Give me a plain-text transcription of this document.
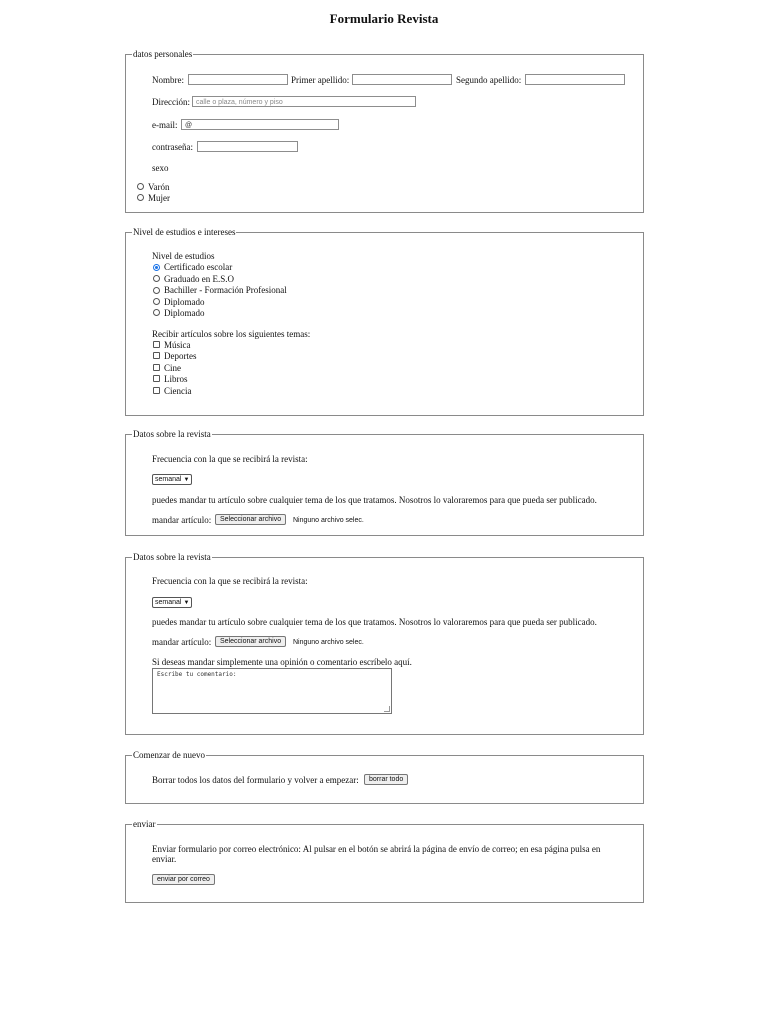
Formulario Revista
datos personales
Nombre:	Primer apellido:	Segundo apellido:
Dirección: calle o plaza, número y piso
e-mail:	@
contraseña:
sexo
Varón
Mujer
Nivel de estudios e intereses
Nivel de estudios
Certificado escolar
Graduado en E.S.O
Bachiller - Formación Profesional
Diplomado
Diplomado
Recibir artículos sobre los siguientes temas:
Música
Deportes
Cine
Libros
Ciencia
Datos sobre la revista
Frecuencia con la que se recibirá la revista:
semanal ▼
puedes mandar tu artículo sobre cualquier tema de los que tratamos. Nosotros lo valoraremos para que pueda ser publicado.
mandar artículo:	Seleccionar archivo	Ninguno archivo selec.
Datos sobre la revista
Frecuencia con la que se recibirá la revista:
semanal ▼
puedes mandar tu artículo sobre cualquier tema de los que tratamos. Nosotros lo valoraremos para que pueda ser publicado.
mandar artículo:	Seleccionar archivo	Ninguno archivo selec.
Si deseas mandar simplemente una opinión o comentario escríbelo aquí.
Escribe tu comentario:
Comenzar de nuevo
Borrar todos los datos del formulario y volver a empezar:	borrar todo
enviar
Enviar formulario por correo electrónico: Al pulsar en el botón se abrirá la página de envío de correo; en esa página pulsa en
enviar.
enviar por correo
